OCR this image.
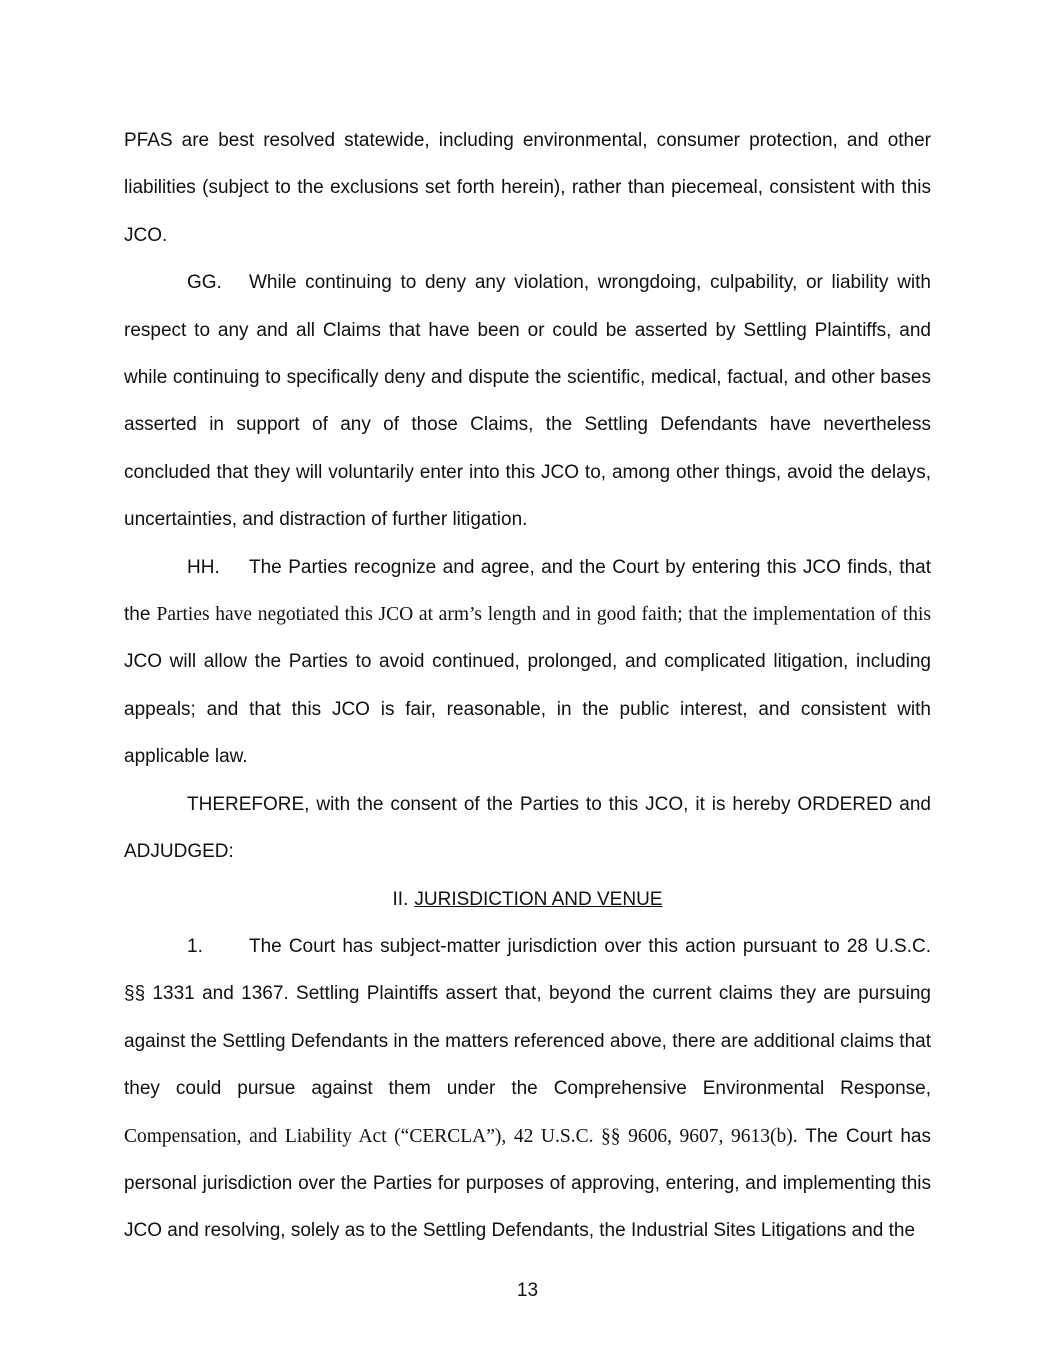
PFAS are best resolved statewide, including environmental, consumer protection, and other liabilities (subject to the exclusions set forth herein), rather than piecemeal, consistent with this JCO.

GG. While continuing to deny any violation, wrongdoing, culpability, or liability with respect to any and all Claims that have been or could be asserted by Settling Plaintiffs, and while continuing to specifically deny and dispute the scientific, medical, factual, and other bases asserted in support of any of those Claims, the Settling Defendants have nevertheless concluded that they will voluntarily enter into this JCO to, among other things, avoid the delays, uncertainties, and distraction of further litigation.

HH. The Parties recognize and agree, and the Court by entering this JCO finds, that the Parties have negotiated this JCO at arm’s length and in good faith; that the implementation of this JCO will allow the Parties to avoid continued, prolonged, and complicated litigation, including appeals; and that this JCO is fair, reasonable, in the public interest, and consistent with applicable law.

THEREFORE, with the consent of the Parties to this JCO, it is hereby ORDERED and ADJUDGED:

II. JURISDICTION AND VENUE

1. The Court has subject-matter jurisdiction over this action pursuant to 28 U.S.C. §§ 1331 and 1367. Settling Plaintiffs assert that, beyond the current claims they are pursuing against the Settling Defendants in the matters referenced above, there are additional claims that they could pursue against them under the Comprehensive Environmental Response, Compensation, and Liability Act (“CERCLA”), 42 U.S.C. §§ 9606, 9607, 9613(b). The Court has personal jurisdiction over the Parties for purposes of approving, entering, and implementing this JCO and resolving, solely as to the Settling Defendants, the Industrial Sites Litigations and the

13
